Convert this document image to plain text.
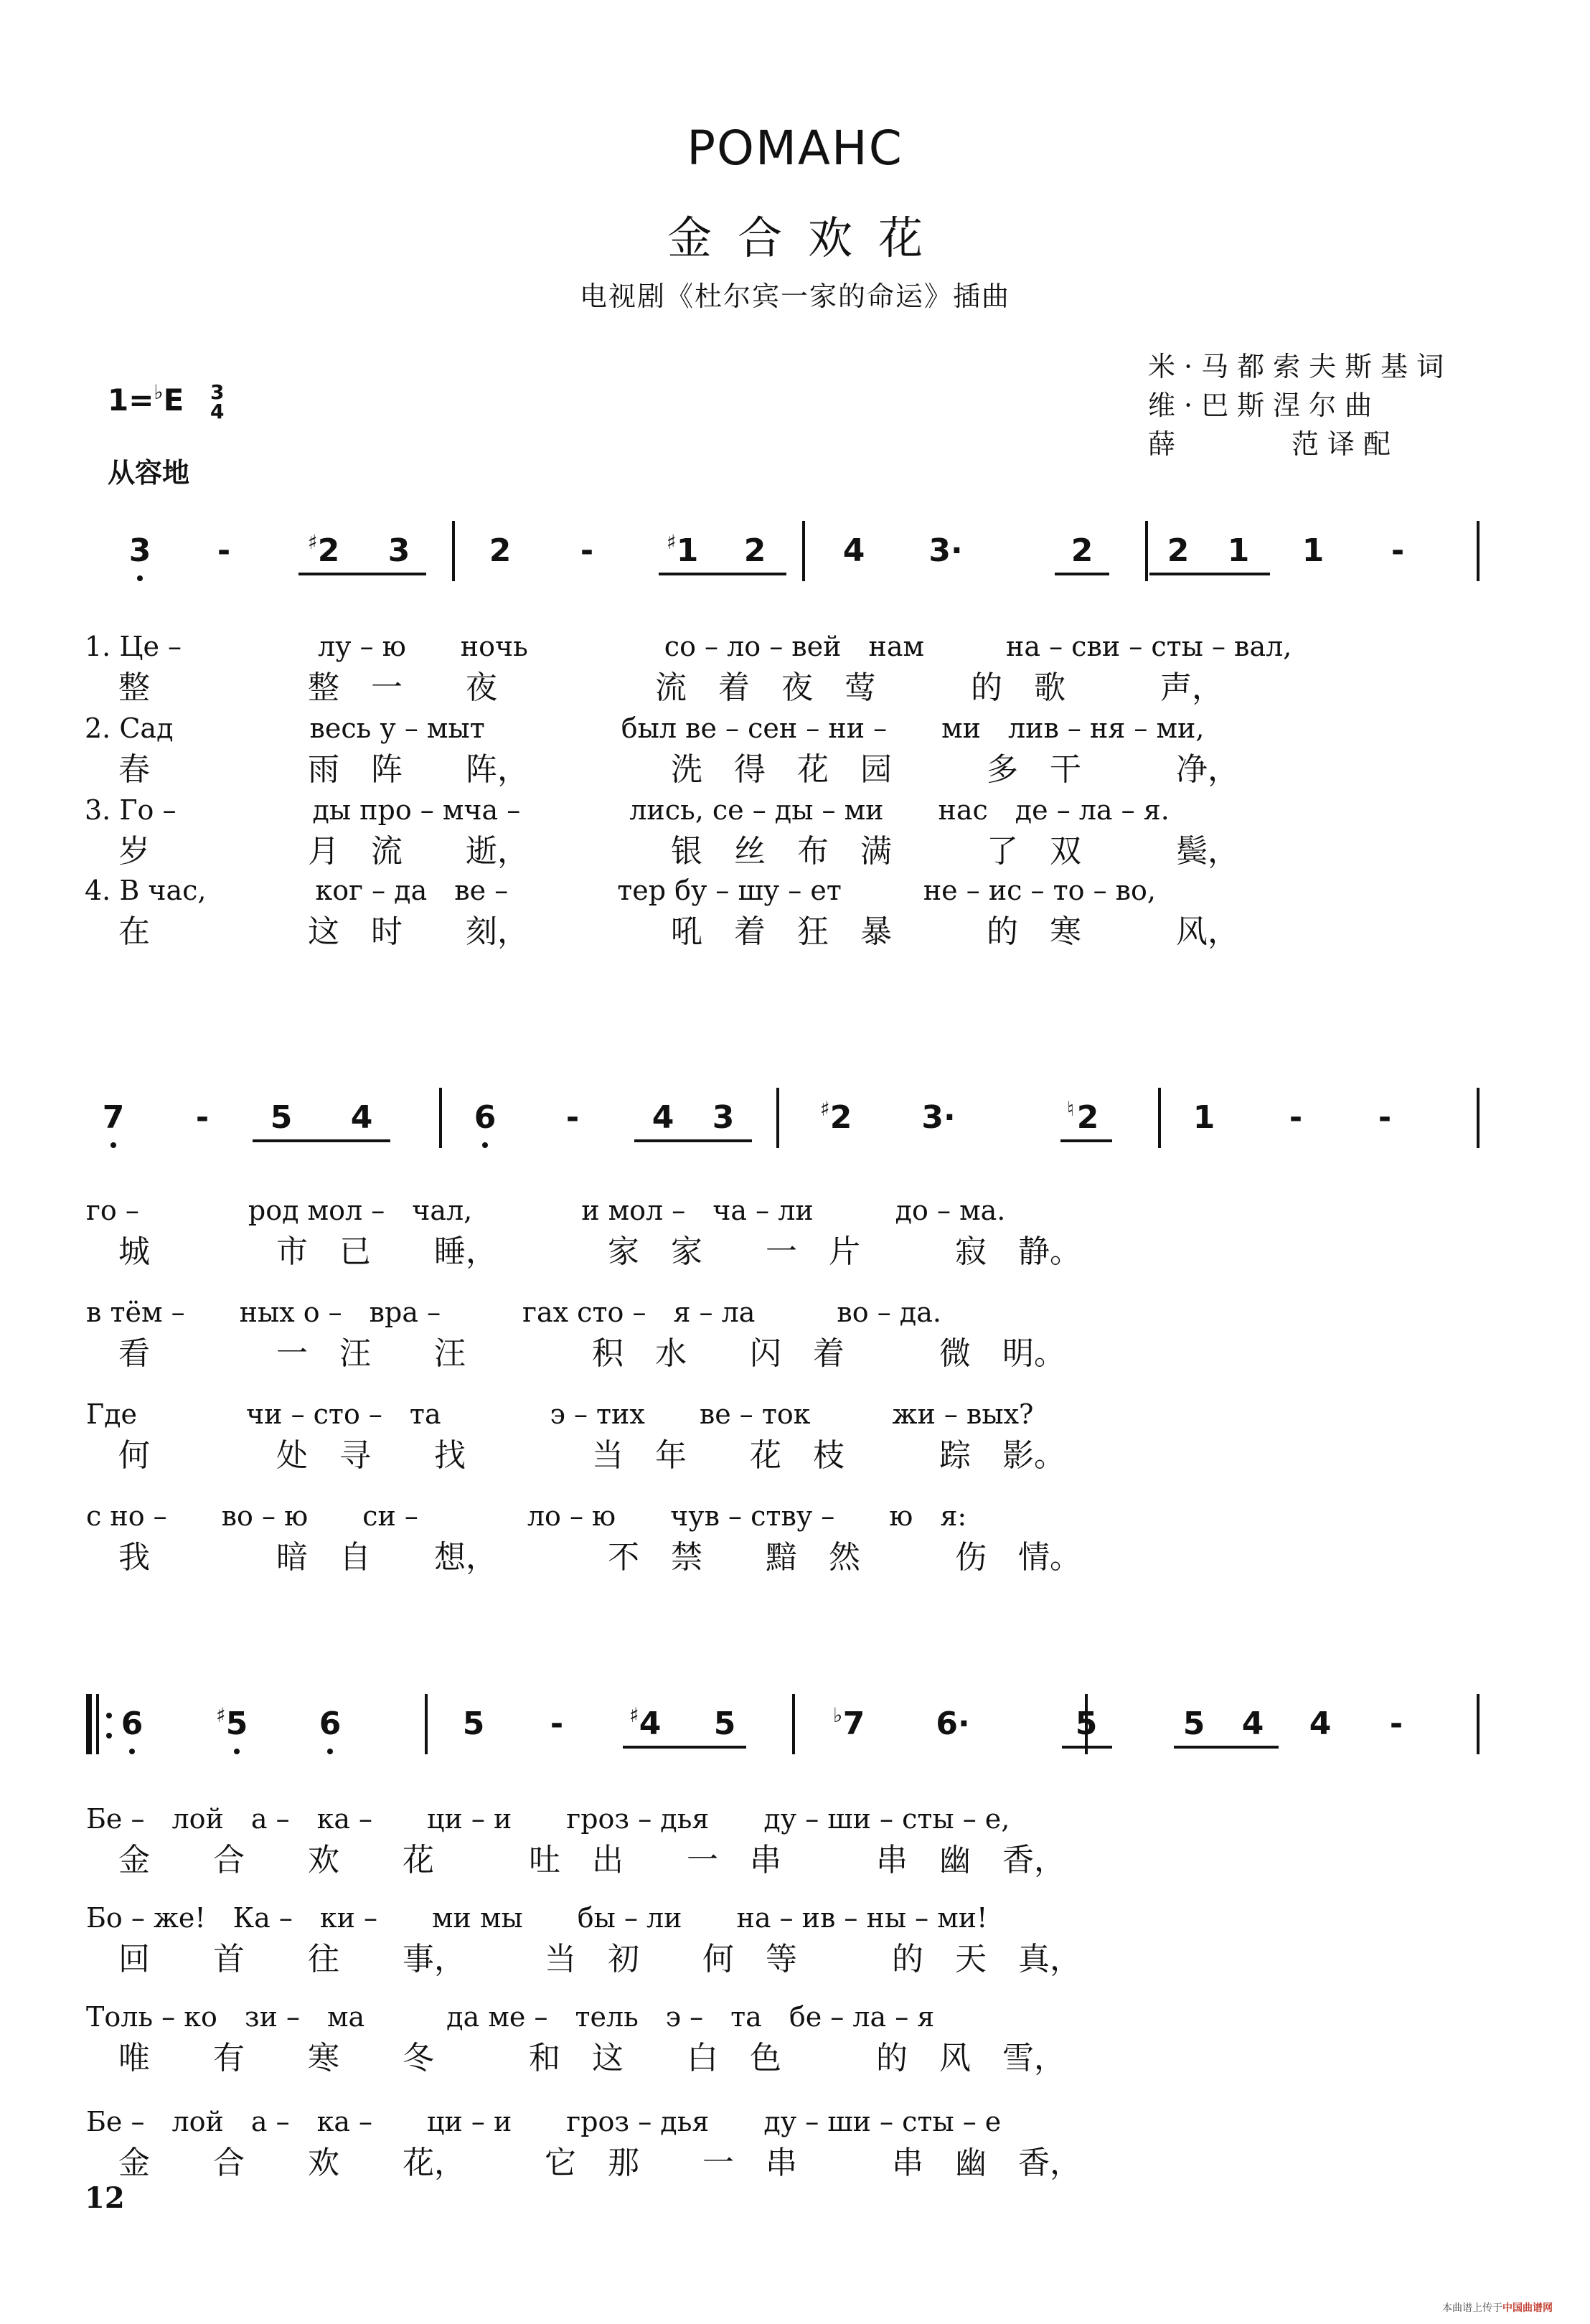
РОМАНС
金合欢花
电视剧《杜尔宾一家的命运》插曲
米·马都索夫斯基词
维·巴斯涅尔曲
薛　　　范译配
1=♭E 3
4
从容地
3	-	♯ 2	3	2	-	♯ 1	2	4	3·	2	2	1	1	-
1. Це –　　　　　лу – ю　　ночь　　　　　со – ло – вей　нам　　　на – сви – сты – вал,
整　　　　　整　一　　夜　　　　　流　着　夜　莺　　　的　歌　　　声，
2. Сад　　　　　весь у – мыт　　　　　был ве – сен – ни –　　ми　лив – ня – ми,
春　　　　　雨　阵　　阵，　　　　　洗　得　花　园　　　多　干　　　净，
3. Го –　　　　　ды про – мча –　　　　лись, се – ды – ми　　нас　де – ла – я.
岁　　　　　月　流　　逝，　　　　　银　丝　布　满　　　了　双　　　鬓，
4. В час,　　　　ког – да　ве –　　　　тер бу – шу – ет　　　не – ис – то – во,
在　　　　　这　时　　刻，　　　　　吼　着　狂　暴　　　的　寒　　　风，
7	-	5	4	6	-	4	3	♯ 2	3·	♮ 2	1	-	-
го –　　　　род мол –　чал,　　　　и мол –　ча – ли　　　до – ма.
城　　　　市　已　　睡，　　　　家　家　　一　片　　　寂　静。
в тём –　　ных о –　вра –　　　гах сто –　я – ла　　　во – да.
看　　　　一　汪　　汪　　　　积　水　　闪　着　　　微　明。
Где　　　　чи – сто –　та　　　　э – тих　　ве – ток　　　жи – вых?
何　　　　处　寻　　找　　　　当　年　　花　枝　　　踪　影。
с но –　　во – ю　　си –　　　　ло – ю　　чув – ству –　　ю　я:
我　　　　暗　自　　想，　　　　不　禁　　黯　然　　　伤　情。
6	♯ 5	6	5	-	♯ 4	5	♭ 7	6·	5	5	4	4	-
Бе –　лой　а –　ка –　　ци – и　　гроз – дья　　ду – ши – сты – е,
金　　合　　欢　　花　　　吐　出　　一　串　　　串　幽　香，
Бо – же!　Ка –　ки –　　ми мы　　бы – ли　　на – ив – ны – ми!
回　　首　　往　　事，　　　当　初　　何　等　　　的　天　真，
Толь – ко　зи –　ма　　　да ме –　тель　э –　та　бе – ла – я
唯　　有　　寒　　冬　　　和　这　　白　色　　　的　风　雪，
Бе –　лой　а –　ка –　　ци – и　　гроз – дья　　ду – ши – сты – е
金　　合　　欢　　花，　　　它　那　　一　串　　　串　幽　香，
12
本曲谱上传于中国曲谱网
